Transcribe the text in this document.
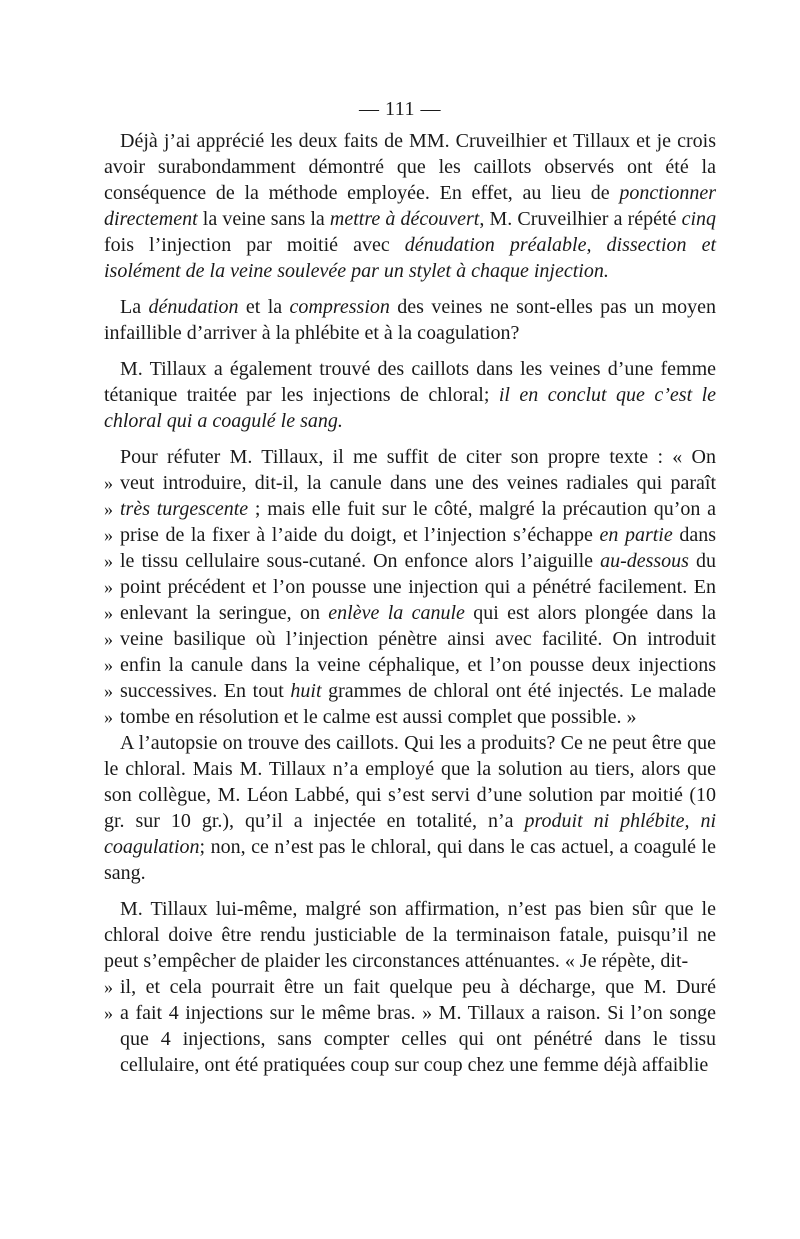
— 111 —

Déjà j’ai apprécié les deux faits de MM. Cruveilhier et Tillaux et je crois avoir surabondamment démontré que les caillots observés ont été la conséquence de la méthode employée. En effet, au lieu de ponctionner directement la veine sans la mettre à découvert, M. Cruveilhier a répété cinq fois l’injection par moitié avec dénudation préalable, dissection et isolément de la veine soulevée par un stylet à chaque injection.

La dénudation et la compression des veines ne sont-elles pas un moyen infaillible d’arriver à la phlébite et à la coagulation?

M. Tillaux a également trouvé des caillots dans les veines d’une femme tétanique traitée par les injections de chloral; il en conclut que c’est le chloral qui a coagulé le sang.

Pour réfuter M. Tillaux, il me suffit de citer son propre texte : « On
» veut introduire, dit-il, la canule dans une des veines radiales qui paraît
» très turgescente ; mais elle fuit sur le côté, malgré la précaution qu’on a
» prise de la fixer à l’aide du doigt, et l’injection s’échappe en partie dans
» le tissu cellulaire sous-cutané. On enfonce alors l’aiguille au-dessous du
» point précédent et l’on pousse une injection qui a pénétré facilement. En
» enlevant la seringue, on enlève la canule qui est alors plongée dans la
» veine basilique où l’injection pénètre ainsi avec facilité. On introduit
» enfin la canule dans la veine céphalique, et l’on pousse deux injections
» successives. En tout huit grammes de chloral ont été injectés. Le malade
» tombe en résolution et le calme est aussi complet que possible. »

A l’autopsie on trouve des caillots. Qui les a produits? Ce ne peut être que le chloral. Mais M. Tillaux n’a employé que la solution au tiers, alors que son collègue, M. Léon Labbé, qui s’est servi d’une solution par moitié (10 gr. sur 10 gr.), qu’il a injectée en totalité, n’a produit ni phlébite, ni coagulation; non, ce n’est pas le chloral, qui dans le cas actuel, a coagulé le sang.

M. Tillaux lui-même, malgré son affirmation, n’est pas bien sûr que le chloral doive être rendu justiciable de la terminaison fatale, puisqu’il ne peut s’empêcher de plaider les circonstances atténuantes. « Je répète, dit-

» il, et cela pourrait être un fait quelque peu à décharge, que M. Duré

» a fait 4 injections sur le même bras. » M. Tillaux a raison. Si l’on songe que 4 injections, sans compter celles qui ont pénétré dans le tissu cellulaire, ont été pratiquées coup sur coup chez une femme déjà affaiblie
